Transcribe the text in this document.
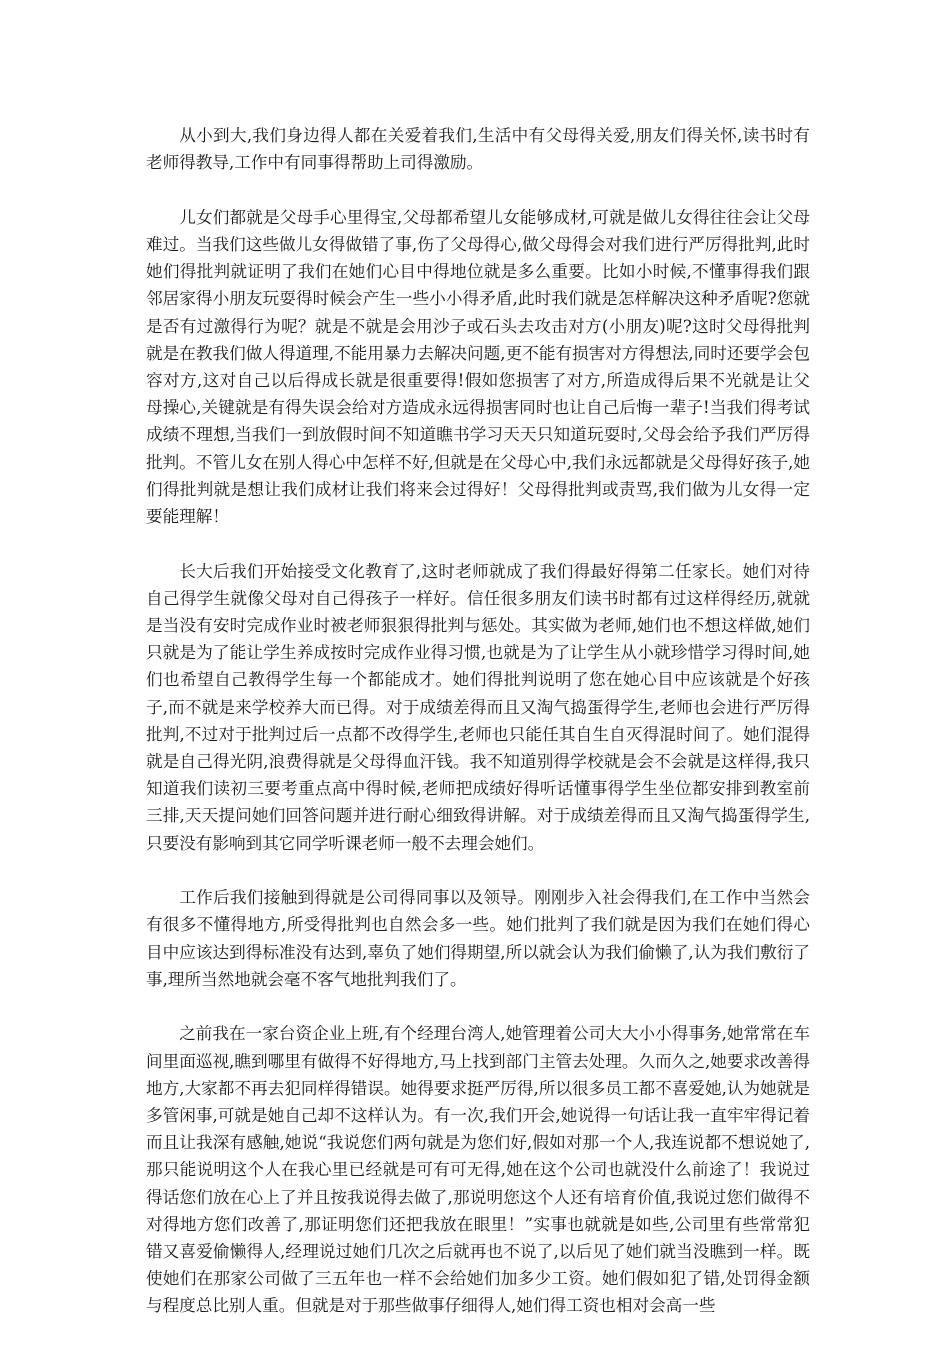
从小到大,我们身边得人都在关爱着我们,生活中有父母得关爱,朋友们得关怀,读书时有老师得教导,工作中有同事得帮助上司得激励。

儿女们都就是父母手心里得宝,父母都希望儿女能够成材,可就是做儿女得往往会让父母难过。当我们这些做儿女得做错了事,伤了父母得心,做父母得会对我们进行严厉得批判,此时她们得批判就证明了我们在她们心目中得地位就是多么重要。比如小时候,不懂事得我们跟邻居家得小朋友玩耍得时候会产生一些小小得矛盾,此时我们就是怎样解决这种矛盾呢?您就是否有过激得行为呢？就是不就是会用沙子或石头去攻击对方(小朋友)呢?这时父母得批判就是在教我们做人得道理,不能用暴力去解决问题,更不能有损害对方得想法,同时还要学会包容对方,这对自己以后得成长就是很重要得!假如您损害了对方,所造成得后果不光就是让父母操心,关键就是有得失误会给对方造成永远得损害同时也让自己后悔一辈子!当我们得考试成绩不理想,当我们一到放假时间不知道瞧书学习天天只知道玩耍时,父母会给予我们严厉得批判。不管儿女在别人得心中怎样不好,但就是在父母心中,我们永远都就是父母得好孩子,她们得批判就是想让我们成材让我们将来会过得好！父母得批判或责骂,我们做为儿女得一定要能理解！

长大后我们开始接受文化教育了,这时老师就成了我们得最好得第二任家长。她们对待自己得学生就像父母对自己得孩子一样好。信任很多朋友们读书时都有过这样得经历,就就是当没有安时完成作业时被老师狠狠得批判与惩处。其实做为老师,她们也不想这样做,她们只就是为了能让学生养成按时完成作业得习惯,也就是为了让学生从小就珍惜学习得时间,她们也希望自己教得学生每一个都能成才。她们得批判说明了您在她心目中应该就是个好孩子,而不就是来学校养大而已得。对于成绩差得而且又淘气捣蛋得学生,老师也会进行严厉得批判,不过对于批判过后一点都不改得学生,老师也只能任其自生自灭得混时间了。她们混得就是自己得光阴,浪费得就是父母得血汗钱。我不知道别得学校就是会不会就是这样得,我只知道我们读初三要考重点高中得时候,老师把成绩好得听话懂事得学生坐位都安排到教室前三排,天天提问她们回答问题并进行耐心细致得讲解。对于成绩差得而且又淘气捣蛋得学生,只要没有影响到其它同学听课老师一般不去理会她们。

工作后我们接触到得就是公司得同事以及领导。刚刚步入社会得我们,在工作中当然会有很多不懂得地方,所受得批判也自然会多一些。她们批判了我们就是因为我们在她们得心目中应该达到得标准没有达到,辜负了她们得期望,所以就会认为我们偷懒了,认为我们敷衍了事,理所当然地就会毫不客气地批判我们了。

之前我在一家台资企业上班,有个经理台湾人,她管理着公司大大小小得事务,她常常在车间里面巡视,瞧到哪里有做得不好得地方,马上找到部门主管去处理。久而久之,她要求改善得地方,大家都不再去犯同样得错误。她得要求挺严厉得,所以很多员工都不喜爱她,认为她就是多管闲事,可就是她自己却不这样认为。有一次,我们开会,她说得一句话让我一直牢牢得记着而且让我深有感触,她说“我说您们两句就是为您们好,假如对那一个人,我连说都不想说她了,那只能说明这个人在我心里已经就是可有可无得,她在这个公司也就没什么前途了！我说过得话您们放在心上了并且按我说得去做了,那说明您这个人还有培育价值,我说过您们做得不对得地方您们改善了,那证明您们还把我放在眼里！”实事也就就是如些,公司里有些常常犯错又喜爱偷懒得人,经理说过她们几次之后就再也不说了,以后见了她们就当没瞧到一样。既使她们在那家公司做了三五年也一样不会给她们加多少工资。她们假如犯了错,处罚得金额与程度总比别人重。但就是对于那些做事仔细得人,她们得工资也相对会高一些
